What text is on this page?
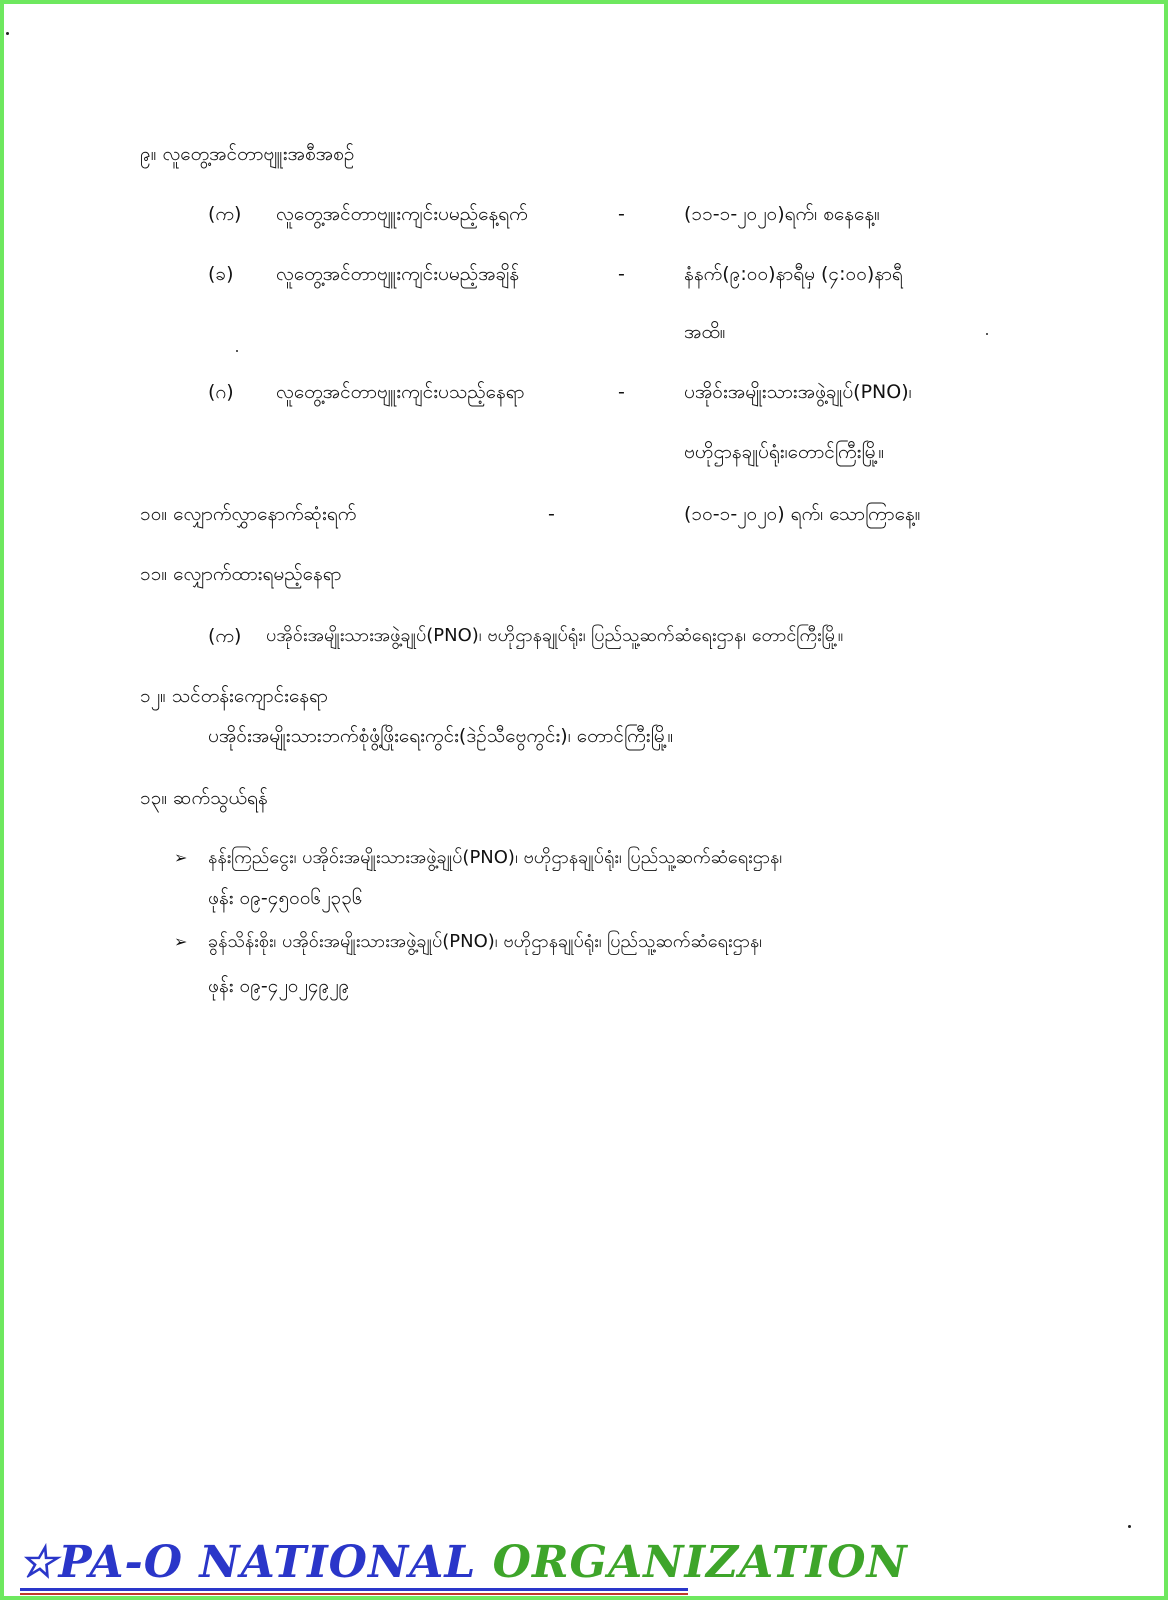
၉။ လူတွေ့အင်တာဗျူးအစီအစဉ်
(က) လူတွေ့အင်တာဗျူးကျင်းပမည့်နေ့ရက်	-	(၁၁-၁-၂၀၂၀)ရက်၊ စနေနေ့။
(ခ) လူတွေ့အင်တာဗျူးကျင်းပမည့်အချိန်	-	နံနက်(၉:၀၀)နာရီမှ (၄:၀၀)နာရီ
အထိ။
(ဂ) လူတွေ့အင်တာဗျူးကျင်းပသည့်နေရာ	-	ပအိုဝ်းအမျိုးသားအဖွဲ့ချုပ်(PNO)၊
ဗဟိုဌာနချုပ်ရုံး၊တောင်ကြီးမြို့။
၁၀။ လျှောက်လွှာနောက်ဆုံးရက်	-	(၁၀-၁-၂၀၂၀) ရက်၊ သောကြာနေ့။
၁၁။ လျှောက်ထားရမည့်နေရာ
(က) ပအိုဝ်းအမျိုးသားအဖွဲ့ချုပ်(PNO)၊ ဗဟိုဌာနချုပ်ရုံး၊ ပြည်သူ့ဆက်ဆံရေးဌာန၊ တောင်ကြီးမြို့။
၁၂။ သင်တန်းကျောင်းနေရာ
ပအိုဝ်းအမျိုးသားဘက်စုံဖွံ့ဖြိုးရေးကွင်း(ဒဲဉ်သီဗွေကွင်း)၊ တောင်ကြီးမြို့။
၁၃။ ဆက်သွယ်ရန်
➢ နန်းကြည်ငွေး၊ ပအိုဝ်းအမျိုးသားအဖွဲ့ချုပ်(PNO)၊ ဗဟိုဌာနချုပ်ရုံး၊ ပြည်သူ့ဆက်ဆံရေးဌာန၊
ဖုန်း ၀၉-၄၅၀၀၆၂၃၃၆
➢ ခွန်သိန်းစိုး၊ ပအိုဝ်းအမျိုးသားအဖွဲ့ချုပ်(PNO)၊ ဗဟိုဌာနချုပ်ရုံး၊ ပြည်သူ့ဆက်ဆံရေးဌာန၊
ဖုန်း ၀၉-၄၂၀၂၄၉၂၉
☆PA-O NATIONAL ORGANIZATION
